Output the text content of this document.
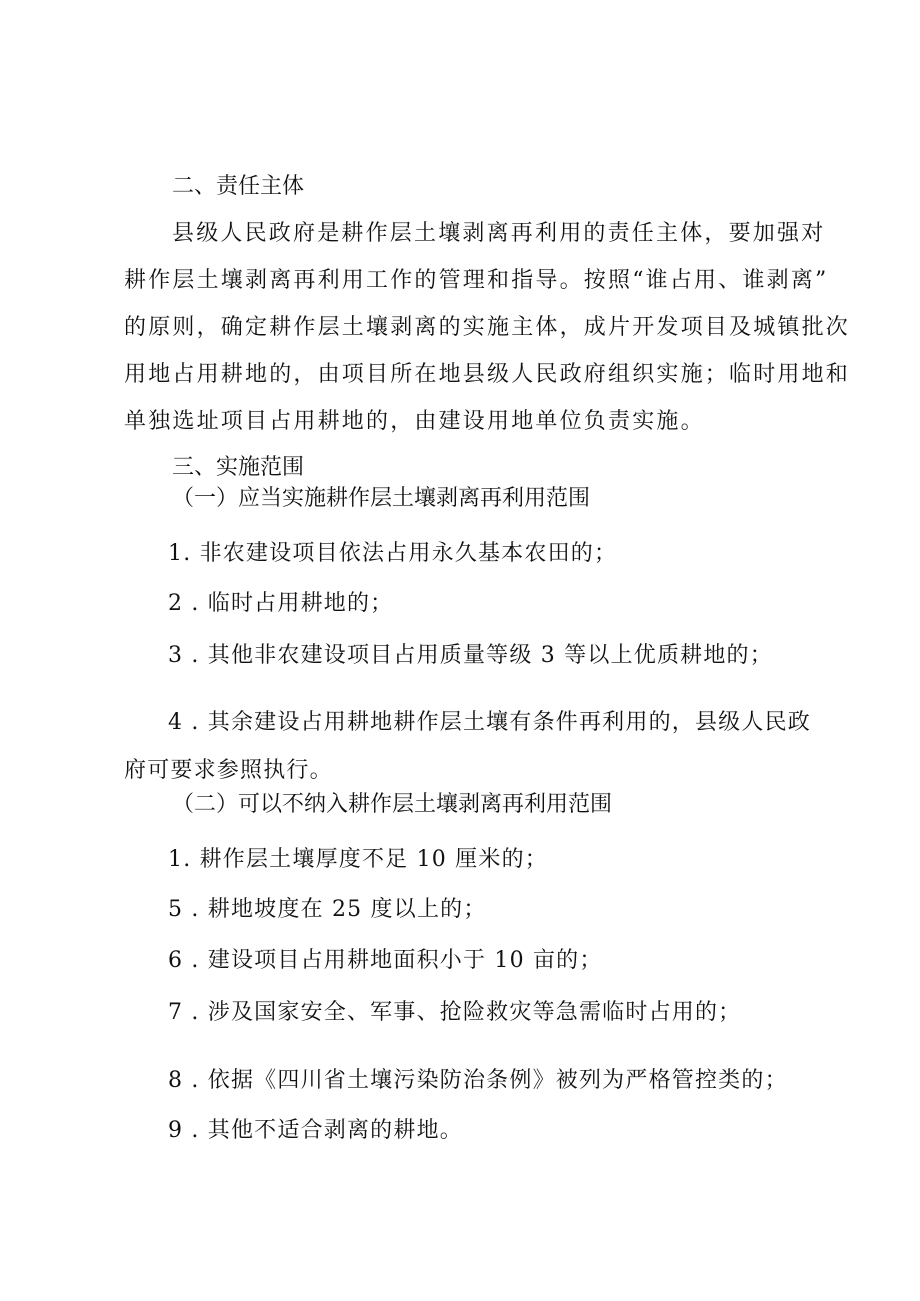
二、责任主体
县级人民政府是耕作层土壤剥离再利用的责任主体，要加强对
耕作层土壤剥离再利用工作的管理和指导。按照“谁占用、谁剥离”
的原则，确定耕作层土壤剥离的实施主体，成片开发项目及城镇批次
用地占用耕地的，由项目所在地县级人民政府组织实施；临时用地和
单独选址项目占用耕地的，由建设用地单位负责实施。
三、实施范围
（一）应当实施耕作层土壤剥离再利用范围
1. 非农建设项目依法占用永久基本农田的；
2 . 临时占用耕地的；
3 . 其他非农建设项目占用质量等级 3 等以上优质耕地的；
4 . 其余建设占用耕地耕作层土壤有条件再利用的，县级人民政
府可要求参照执行。
（二）可以不纳入耕作层土壤剥离再利用范围
1. 耕作层土壤厚度不足 10 厘米的；
5 . 耕地坡度在 25 度以上的；
6 . 建设项目占用耕地面积小于 10 亩的；
7 . 涉及国家安全、军事、抢险救灾等急需临时占用的；
8 . 依据《四川省土壤污染防治条例》被列为严格管控类的；
9 . 其他不适合剥离的耕地。
